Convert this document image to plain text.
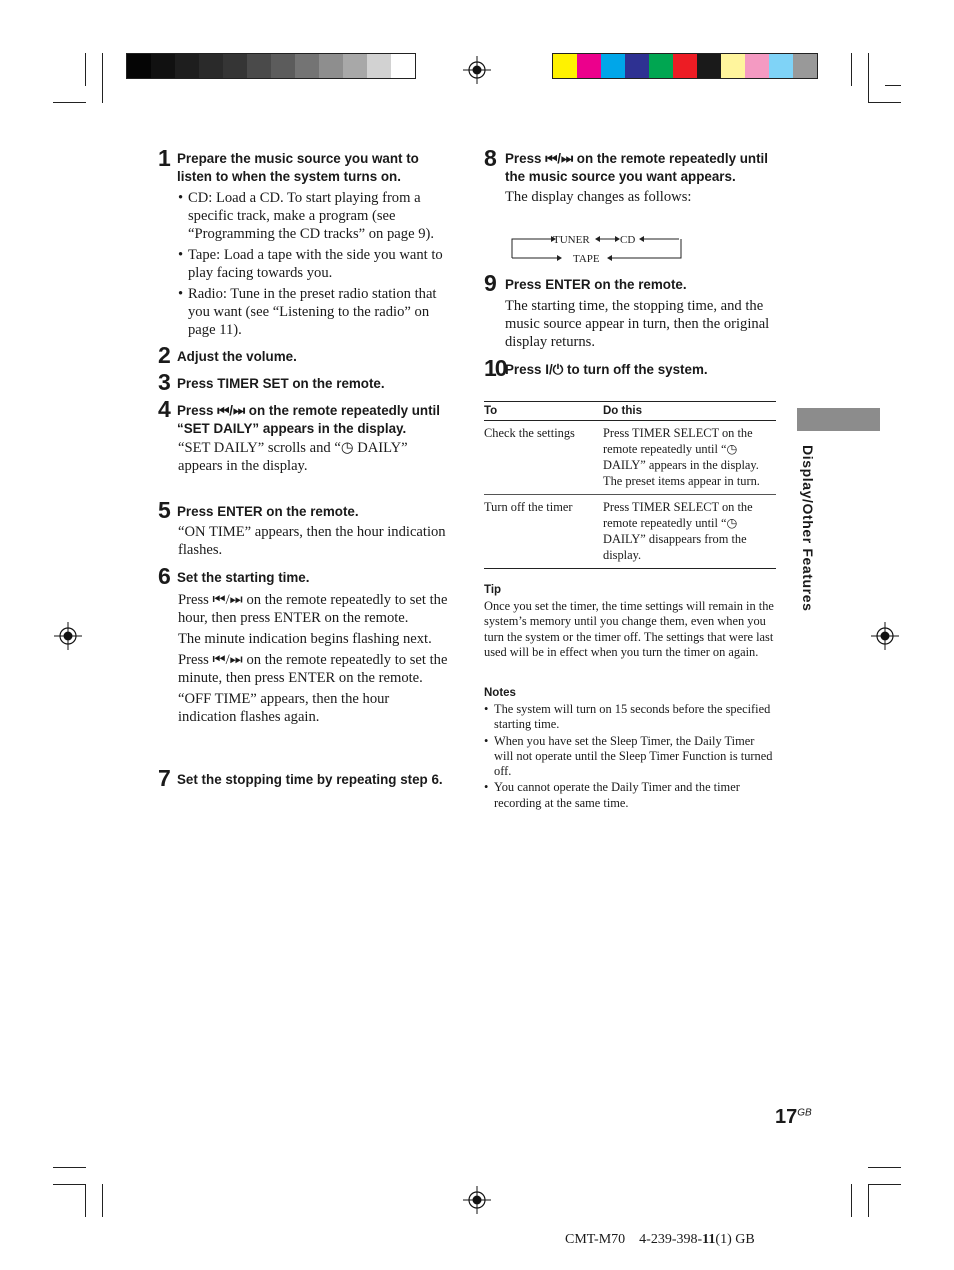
1 Prepare the music source you want to listen to when the system turns on.

• CD: Load a CD. To start playing from a specific track, make a program (see “Programming the CD tracks” on page 9).

• Tape: Load a tape with the side you want to play facing towards you.

• Radio: Tune in the preset radio station that you want (see “Listening to the radio” on page 11).

2 Adjust the volume.

3 Press TIMER SET on the remote.

4 Press ⏮/⏭ on the remote repeatedly until “SET DAILY” appears in the display.

“SET DAILY” scrolls and “◷ DAILY” appears in the display.

5 Press ENTER on the remote.

“ON TIME” appears, then the hour indication flashes.

6 Set the starting time.

Press ⏮/⏭ on the remote repeatedly to set the hour, then press ENTER on the remote.

The minute indication begins flashing next.

Press ⏮/⏭ on the remote repeatedly to set the minute, then press ENTER on the remote.

“OFF TIME” appears, then the hour indication flashes again.

7 Set the stopping time by repeating step 6.

8 Press ⏮/⏭ on the remote repeatedly until the music source you want appears.

The display changes as follows:

TUNER	CD
TAPE
9 Press ENTER on the remote.

The starting time, the stopping time, and the music source appear in turn, then the original display returns.

10 Press I/⏻ to turn off the system.

To	Do this
Check the settings	Press TIMER SELECT on the remote repeatedly until “◷ DAILY” appears in the display. The preset items appear in turn.
Turn off the timer	Press TIMER SELECT on the remote repeatedly until “◷ DAILY” disappears from the display.

Tip

Once you set the timer, the time settings will remain in the system’s memory until you change them, even when you turn the system or the timer off. The settings that were last used will be in effect when you turn the timer on again.

Notes

• The system will turn on 15 seconds before the specified starting time.

• When you have set the Sleep Timer, the Daily Timer will not operate until the Sleep Timer Function is turned off.

• You cannot operate the Daily Timer and the timer recording at the same time.

Display/Other Features
$17^{GB}$
CMT-M70 4-239-398-11(1) GB
